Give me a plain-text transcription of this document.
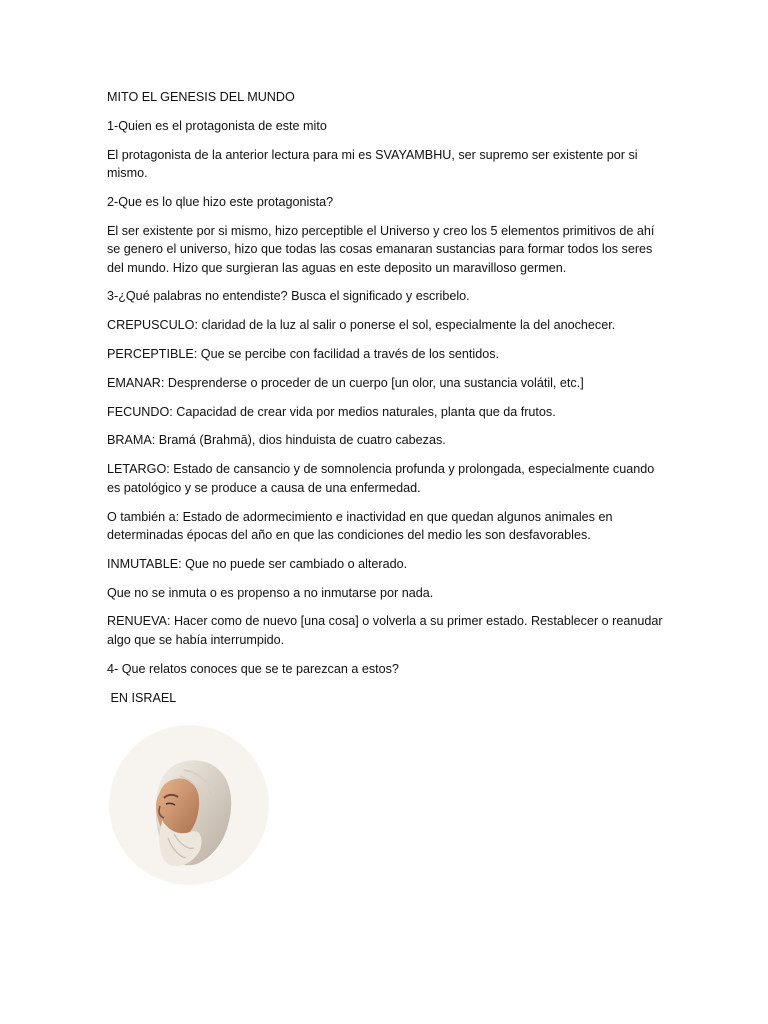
MITO EL GENESIS DEL MUNDO

1-Quien es el protagonista de este mito

El protagonista de la anterior lectura para mi es SVAYAMBHU, ser supremo ser existente por si mismo.

2-Que es lo qlue hizo este protagonista?

El ser existente por si mismo, hizo perceptible el Universo y creo los 5 elementos primitivos de ahí se genero el universo, hizo que todas las cosas emanaran sustancias para formar todos los seres del mundo. Hizo que surgieran las aguas en este deposito un maravilloso germen.

3-¿Qué palabras no entendiste? Busca el significado y escribelo.

CREPUSCULO: claridad de la luz al salir o ponerse el sol, especialmente la del anochecer.

PERCEPTIBLE: Que se percibe con facilidad a través de los sentidos.

EMANAR: Desprenderse o proceder de un cuerpo [un olor, una sustancia volátil, etc.]

FECUNDO: Capacidad de crear vida por medios naturales, planta que da frutos.

BRAMA: Bramá (Brahmā), dios hinduista de cuatro cabezas.

LETARGO: Estado de cansancio y de somnolencia profunda y prolongada, especialmente cuando es patológico y se produce a causa de una enfermedad.

O también a: Estado de adormecimiento e inactividad en que quedan algunos animales en determinadas épocas del año en que las condiciones del medio les son desfavorables.

INMUTABLE: Que no puede ser cambiado o alterado.

Que no se inmuta o es propenso a no inmutarse por nada.

RENUEVA: Hacer como de nuevo [una cosa] o volverla a su primer estado. Restablecer o reanudar algo que se había interrumpido.

4- Que relatos conoces que se te parezcan a estos?

EN ISRAEL
